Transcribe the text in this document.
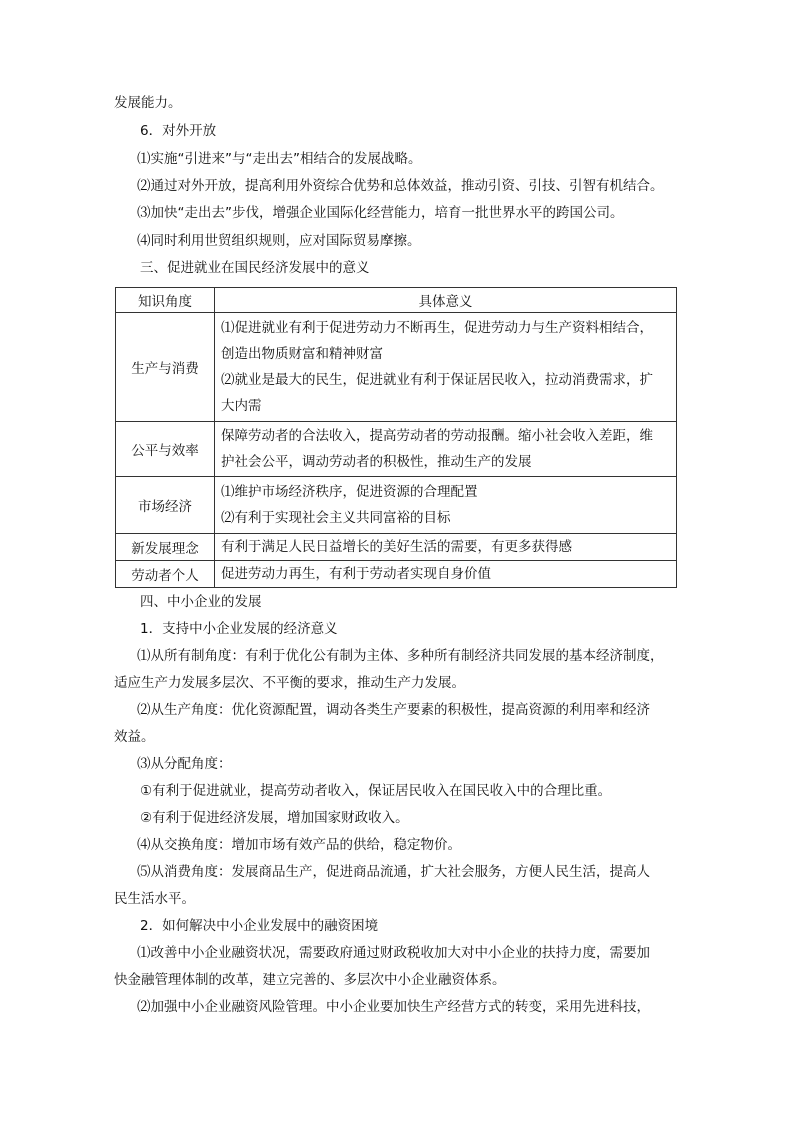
发展能力。
6．对外开放
⑴实施“引进来”与“走出去”相结合的发展战略。
⑵通过对外开放，提高利用外资综合优势和总体效益，推动引资、引技、引智有机结合。
⑶加快“走出去”步伐，增强企业国际化经营能力，培育一批世界水平的跨国公司。
⑷同时利用世贸组织规则，应对国际贸易摩擦。
三、促进就业在国民经济发展中的意义
知识角度	具体意义
生产与消费	⑴促进就业有利于促进劳动力不断再生，促进劳动力与生产资料相结合，
创造出物质财富和精神财富
⑵就业是最大的民生，促进就业有利于保证居民收入，拉动消费需求，扩
大内需

公平与效率	保障劳动者的合法收入，提高劳动者的劳动报酬。缩小社会收入差距，维
护社会公平，调动劳动者的积极性，推动生产的发展

市场经济	⑴维护市场经济秩序，促进资源的合理配置
⑵有利于实现社会主义共同富裕的目标

新发展理念	有利于满足人民日益增长的美好生活的需要，有更多获得感

劳动者个人	促进劳动力再生，有利于劳动者实现自身价值
四、中小企业的发展
1．支持中小企业发展的经济意义
⑴从所有制角度：有利于优化公有制为主体、多种所有制经济共同发展的基本经济制度，
适应生产力发展多层次、不平衡的要求，推动生产力发展。
⑵从生产角度：优化资源配置，调动各类生产要素的积极性，提高资源的利用率和经济
效益。
⑶从分配角度：
①有利于促进就业，提高劳动者收入，保证居民收入在国民收入中的合理比重。
②有利于促进经济发展，增加国家财政收入。
⑷从交换角度：增加市场有效产品的供给，稳定物价。
⑸从消费角度：发展商品生产，促进商品流通，扩大社会服务，方便人民生活，提高人
民生活水平。
2．如何解决中小企业发展中的融资困境
⑴改善中小企业融资状况，需要政府通过财政税收加大对中小企业的扶持力度，需要加
快金融管理体制的改革，建立完善的、多层次中小企业融资体系。
⑵加强中小企业融资风险管理。中小企业要加快生产经营方式的转变，采用先进科技，
